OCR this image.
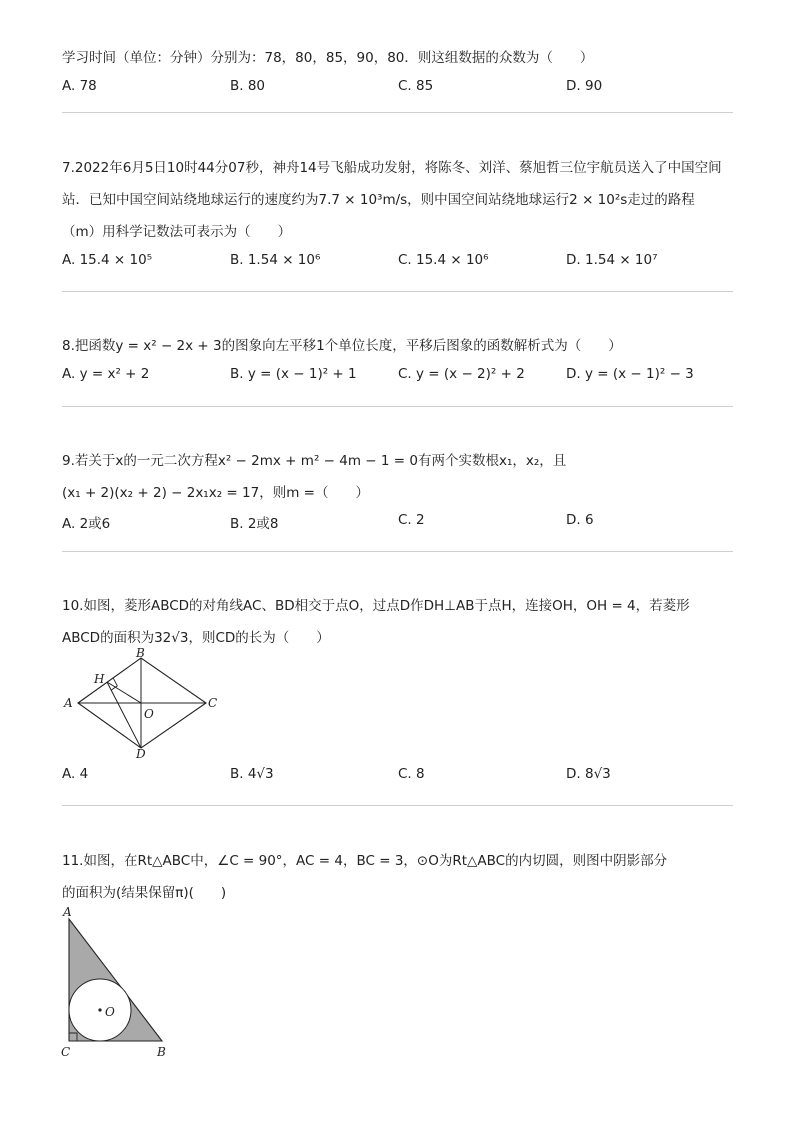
学习时间（单位：分钟）分别为：78，80，85，90，80．则这组数据的众数为（　　）
A. 78	B. 80	C. 85	D. 90
7.2022年6月5日10时44分07秒，神舟14号飞船成功发射，将陈冬、刘洋、蔡旭哲三位宇航员送入了中国空间
站．已知中国空间站绕地球运行的速度约为7.7 × 10³m/s，则中国空间站绕地球运行2 × 10²s走过的路程
（m）用科学记数法可表示为（　　）
A. 15.4 × 10⁵	B. 1.54 × 10⁶	C. 15.4 × 10⁶	D. 1.54 × 10⁷
8.把函数y = x² − 2x + 3的图象向左平移1个单位长度，平移后图象的函数解析式为（　　）
A. y = x² + 2	B. y = (x − 1)² + 1	C. y = (x − 2)² + 2	D. y = (x − 1)² − 3
9.若关于x的一元二次方程x² − 2mx + m² − 4m − 1 = 0有两个实数根x₁，x₂，且
(x₁ + 2)(x₂ + 2) − 2x₁x₂ = 17，则m =（　　）
A. 2或6	B. 2或8	C. 2	D. 6
10.如图，菱形ABCD的对角线AC、BD相交于点O，过点D作DH⊥AB于点H，连接OH，OH = 4，若菱形
ABCD的面积为32√3，则CD的长为（　　）
A
B
C
D
H
O
A. 4	B. 4√3	C. 8	D. 8√3
11.如图，在Rt△ABC中，∠C = 90°，AC = 4，BC = 3，⊙O为Rt△ABC的内切圆，则图中阴影部分
的面积为(结果保留π)(　　)
A
C	B
O
